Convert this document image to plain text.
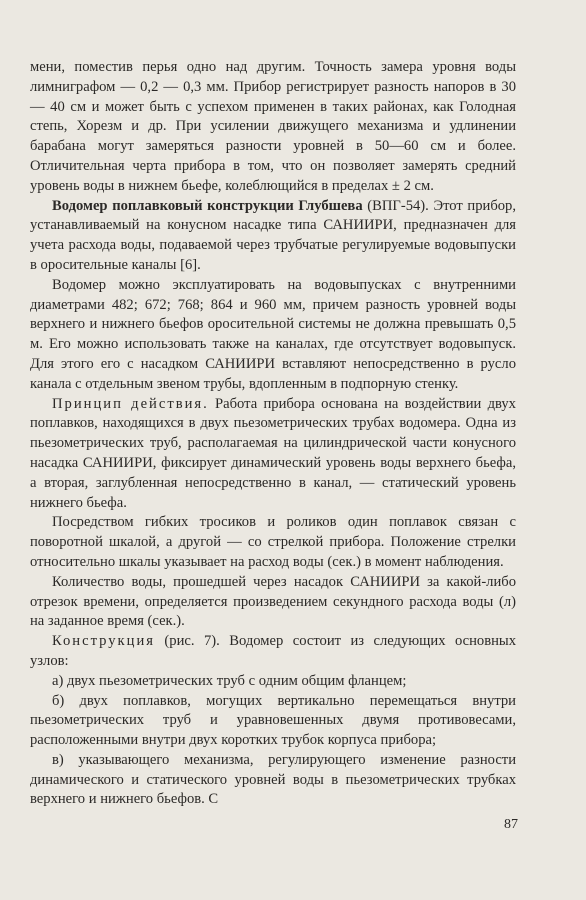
мени, поместив перья одно над другим. Точность замера уровня воды лимниграфом — 0,2 — 0,3 мм. Прибор регистрирует разность напоров в 30 — 40 см и может быть с успехом применен в таких районах, как Голодная степь, Хорезм и др. При усилении движущего механизма и удлинении барабана могут замеряться разности уровней в 50—60 см и более. Отличительная черта прибора в том, что он позволяет замерять средний уровень воды в нижнем бьефе, колеблющийся в пределах ± 2 см.

Водомер поплавковый конструкции Глубшева (ВПГ-54). Этот прибор, устанавливаемый на конусном насадке типа САНИИРИ, предназначен для учета расхода воды, подаваемой через трубчатые регулируемые водовыпуски в оросительные каналы [6].

Водомер можно эксплуатировать на водовыпусках с внутренними диаметрами 482; 672; 768; 864 и 960 мм, причем разность уровней воды верхнего и нижнего бьефов оросительной системы не должна превышать 0,5 м. Его можно использовать также на каналах, где отсутствует водовыпуск. Для этого его с насадком САНИИРИ вставляют непосредственно в русло канала с отдельным звеном трубы, вдопленным в подпорную стенку.

Принцип действия. Работа прибора основана на воздействии двух поплавков, находящихся в двух пьезометрических трубах водомера. Одна из пьезометрических труб, располагаемая на цилиндрической части конусного насадка САНИИРИ, фиксирует динамический уровень воды верхнего бьефа, а вторая, заглубленная непосредственно в канал, — статический уровень нижнего бьефа.

Посредством гибких тросиков и роликов один поплавок связан с поворотной шкалой, а другой — со стрелкой прибора. Положение стрелки относительно шкалы указывает на расход воды (сек.) в момент наблюдения.

Количество воды, прошедшей через насадок САНИИРИ за какой-либо отрезок времени, определяется произведением секундного расхода воды (л) на заданное время (сек.).

Конструкция (рис. 7). Водомер состоит из следующих основных узлов:

а) двух пьезометрических труб с одним общим фланцем;

б) двух поплавков, могущих вертикально перемещаться внутри пьезометрических труб и уравновешенных двумя противовесами, расположенными внутри двух коротких трубок корпуса прибора;

в) указывающего механизма, регулирующего изменение разности динамического и статического уровней воды в пьезометрических трубках верхнего и нижнего бьефов. С

87
